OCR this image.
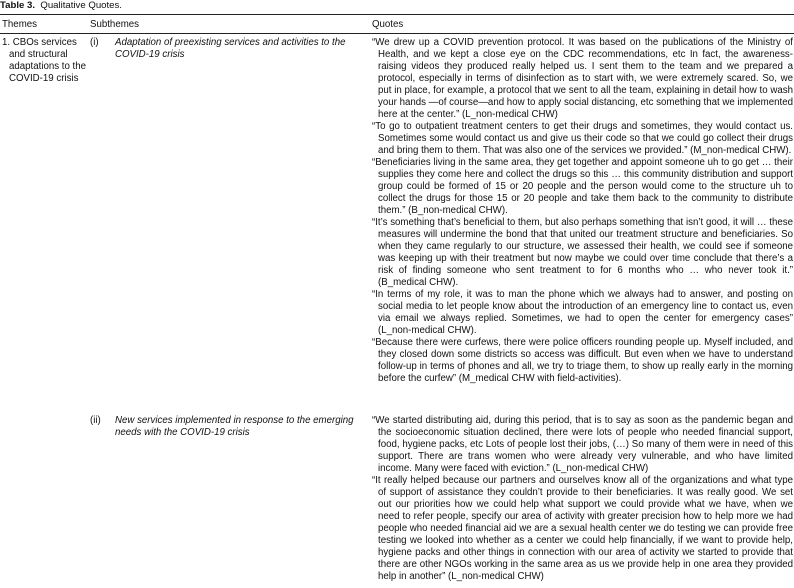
Table 3. Qualitative Quotes.
Themes	Subthemes	Quotes
1. CBOs services and structural adaptations to the COVID-19 crisis
(i) Adaptation of preexisting services and activities to the COVID-19 crisis
“We drew up a COVID prevention protocol. It was based on the publications of the Ministry of Health, and we kept a close eye on the CDC recommendations, etc In fact, the awareness-raising videos they produced really helped us. I sent them to the team and we prepared a protocol, especially in terms of disinfection as to start with, we were extremely scared. So, we put in place, for example, a protocol that we sent to all the team, explaining in detail how to wash your hands —of course—and how to apply social distancing, etc something that we implemented here at the center.” (L_non-medical CHW)
“To go to outpatient treatment centers to get their drugs and sometimes, they would contact us. Sometimes some would contact us and give us their code so that we could go collect their drugs and bring them to them. That was also one of the services we provided.” (M_non-medical CHW).
“Beneficiaries living in the same area, they get together and appoint someone uh to go get … their supplies they come here and collect the drugs so this … this community distribution and support group could be formed of 15 or 20 people and the person would come to the structure uh to collect the drugs for those 15 or 20 people and take them back to the community to distribute them.” (B_non-medical CHW).
“It’s something that’s beneficial to them, but also perhaps something that isn’t good, it will … these measures will undermine the bond that that united our treatment structure and beneficiaries. So when they came regularly to our structure, we assessed their health, we could see if someone was keeping up with their treatment but now maybe we could over time conclude that there’s a risk of finding someone who sent treatment to for 6 months who … who never took it.” (B_medical CHW).
“In terms of my role, it was to man the phone which we always had to answer, and posting on social media to let people know about the introduction of an emergency line to contact us, even via email we always replied. Sometimes, we had to open the center for emergency cases” (L_non-medical CHW).
“Because there were curfews, there were police officers rounding people up. Myself included, and they closed down some districts so access was difficult. But even when we have to understand follow-up in terms of phones and all, we try to triage them, to show up really early in the morning before the curfew” (M_medical CHW with field-activities).
(ii) New services implemented in response to the emerging needs with the COVID-19 crisis
“We started distributing aid, during this period, that is to say as soon as the pandemic began and the socioeconomic situation declined, there were lots of people who needed financial support, food, hygiene packs, etc Lots of people lost their jobs, (…) So many of them were in need of this support. There are trans women who were already very vulnerable, and who have limited income. Many were faced with eviction.” (L_non-medical CHW)
“It really helped because our partners and ourselves know all of the organizations and what type of support of assistance they couldn’t provide to their beneficiaries. It was really good. We set out our priorities how we could help what support we could provide what we have, when we need to refer people, specify our area of activity with greater precision how to help more we had people who needed financial aid we are a sexual health center we do testing we can provide free testing we looked into whether as a center we could help financially, if we want to provide help, hygiene packs and other things in connection with our area of activity we started to provide that there are other NGOs working in the same area as us we provide help in one area they provided help in another” (L_non-medical CHW)
